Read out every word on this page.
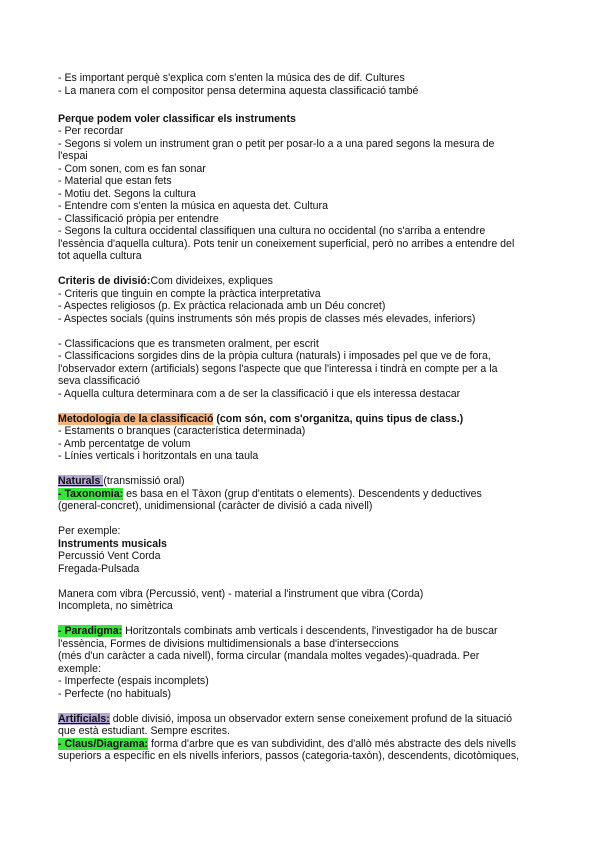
- Es important perquè s'explica com s'enten la música des de dif. Cultures

- La manera com el compositor pensa determina aquesta classificació també

Perque podem voler classificar els instruments

- Per recordar

- Segons si volem un instrument gran o petit per posar-lo a a una pared segons la mesura de

l'espai

- Com sonen, com es fan sonar

- Material que estan fets

- Motiu det. Segons la cultura

- Entendre com s'enten la música en aquesta det. Cultura

- Classificació pròpia per entendre

- Segons la cultura occidental classifiquen una cultura no occidental (no s'arriba a entendre

l'essència d'aquella cultura). Pots tenir un coneixement superficial, però no arribes a entendre del

tot aquella cultura

Criteris de divisió:Com divideixes, expliques

- Criteris que tinguin en compte la pràctica interpretativa

- Aspectes religiosos (p. Ex pràctica relacionada amb un Déu concret)

- Aspectes socials (quins instruments són més propis de classes més elevades, inferiors)

- Classificacions que es transmeten oralment, per escrit

- Classificacions sorgides dins de la pròpia cultura (naturals) i imposades pel que ve de fora,

l'observador extern (artificials) segons l'aspecte que que l'interessa i tindrà en compte per a la

seva classificació

- Aquella cultura determinara com a de ser la classificació i que els interessa destacar

Metodologia de la classificació (com són, com s'organitza, quins tipus de class.)

- Estaments o branques (característica determinada)

- Amb percentatge de volum

- Línies verticals i horitzontals en una taula

Naturals (transmissió oral)

- Taxonomia: es basa en el Tàxon (grup d'entitats o elements). Descendents y deductives

(general-concret), unidimensional (caràcter de divisió a cada nivell)

Per exemple:

Instruments musicals

Percussió Vent Corda

Fregada-Pulsada

Manera com vibra (Percussió, vent) - material a l'instrument que vibra (Corda)

Incompleta, no simètrica

- Paradigma: Horitzontals combinats amb verticals i descendents, l'investigador ha de buscar

l'essència, Formes de divisions multidimensionals a base d'interseccions

(més d'un caràcter a cada nivell), forma circular (mandala moltes vegades)-quadrada. Per

exemple:

- Imperfecte (espais incomplets)

- Perfecte (no habituals)

Artificials: doble divisió, imposa un observador extern sense coneixement profund de la situació

que està estudiant. Sempre escrites.

- Claus/Diagrama: forma d'arbre que es van subdividint, des d'allò més abstracte des dels nivells

superiors a específic en els nivells inferiors, passos (categoria-taxòn), descendents, dicotòmiques,
